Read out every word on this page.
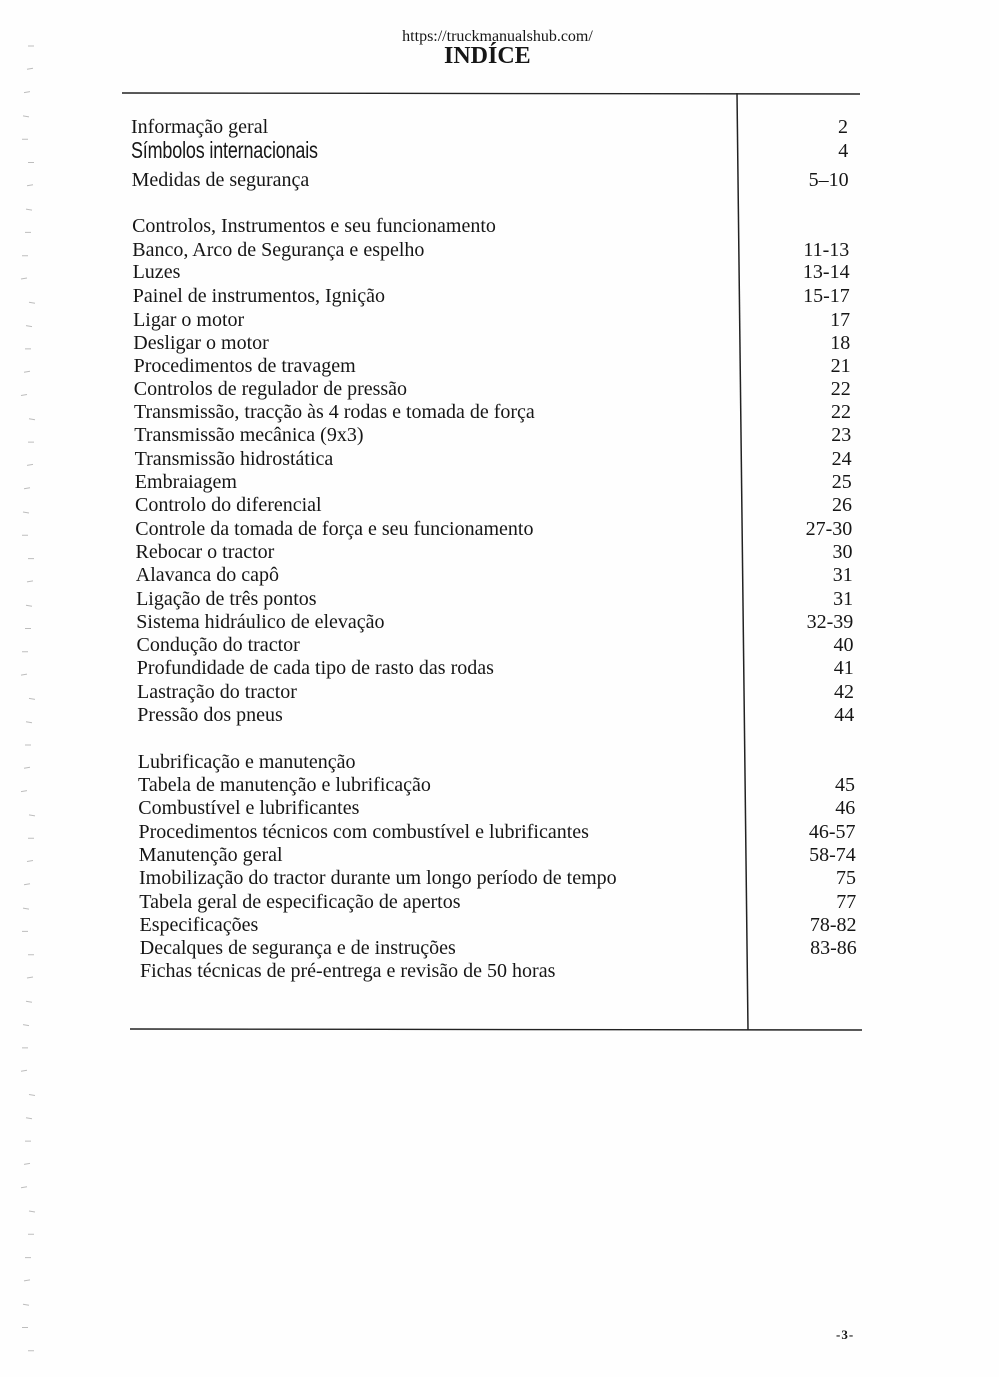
https://truckmanualshub.com/
INDÍCE
Informação geral	2
Símbolos internacionais	4
Medidas de segurança	5–10
Controlos, Instrumentos e seu funcionamento
Banco, Arco de Segurança e espelho	11-13
Luzes	13-14
Painel de instrumentos, Ignição	15-17
Ligar o motor	17
Desligar o motor	18
Procedimentos de travagem	21
Controlos de regulador de pressão	22
Transmissão, tracção às 4 rodas e tomada de força	22
Transmissão mecânica (9x3)	23
Transmissão hidrostática	24
Embraiagem	25
Controlo do diferencial	26
Controle da tomada de força e seu funcionamento	27-30
Rebocar o tractor	30
Alavanca do capô	31
Ligação de três pontos	31
Sistema hidráulico de elevação	32-39
Condução do tractor	40
Profundidade de cada tipo de rasto das rodas	41
Lastração do tractor	42
Pressão dos pneus	44
Lubrificação e manutenção
Tabela de manutenção e lubrificação	45
Combustível e lubrificantes	46
Procedimentos técnicos com combustível e lubrificantes	46-57
Manutenção geral	58-74
Imobilização do tractor durante um longo período de tempo	75
Tabela geral de especificação de apertos	77
Especificações	78-82
Decalques de segurança e de instruções	83-86
Fichas técnicas de pré-entrega e revisão de 50 horas
-3-
